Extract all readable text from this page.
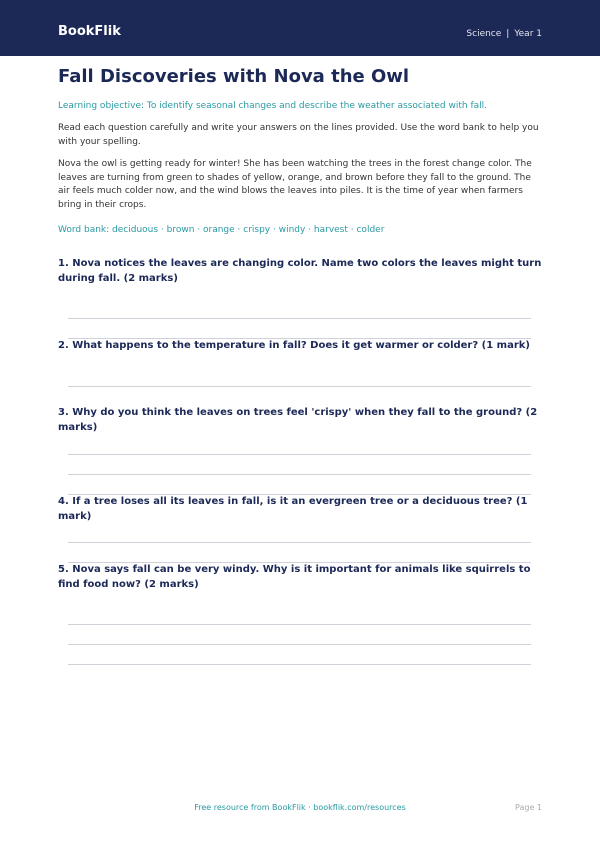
BookFlik	Science | Year 1
Fall Discoveries with Nova the Owl

Learning objective: To identify seasonal changes and describe the weather associated with fall.

Read each question carefully and write your answers on the lines provided. Use the word bank to help you with your spelling.

Nova the owl is getting ready for winter! She has been watching the trees in the forest change color. The leaves are turning from green to shades of yellow, orange, and brown before they fall to the ground. The air feels much colder now, and the wind blows the leaves into piles. It is the time of year when farmers bring in their crops.

Word bank: deciduous · brown · orange · crispy · windy · harvest · colder

1. Nova notices the leaves are changing color. Name two colors the leaves might turn during fall. (2 marks)
2. What happens to the temperature in fall? Does it get warmer or colder? (1 mark)
3. Why do you think the leaves on trees feel 'crispy' when they fall to the ground? (2 marks)
4. If a tree loses all its leaves in fall, is it an evergreen tree or a deciduous tree? (1 mark)
5. Nova says fall can be very windy. Why is it important for animals like squirrels to find food now? (2 marks)
Free resource from BookFlik · bookflik.com/resources	Page 1
